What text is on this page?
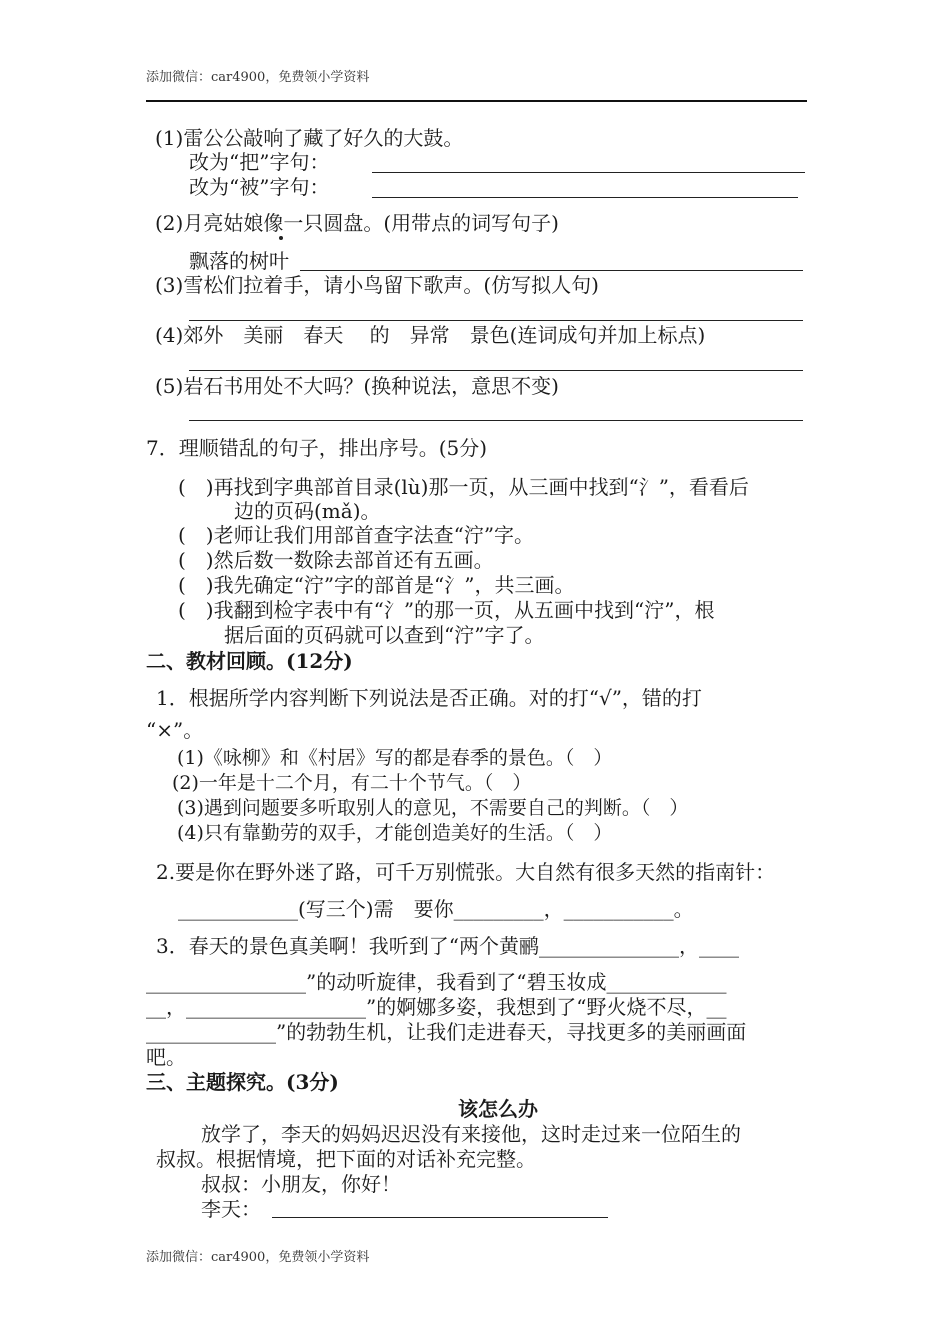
添加微信：car4900，免费领小学资料
添加微信：car4900，免费领小学资料
(1)雷公公敲响了藏了好久的大鼓。
改为“把”字句：
改为“被”字句：
(2)月亮姑娘像一只圆盘。(用带点的词写句子)
飘落的树叶
(3)雪松们拉着手，请小鸟留下歌声。(仿写拟人句)
(4)郊外　美丽　春天　 的　异常　景色(连词成句并加上标点)
(5)岩石书用处不大吗？(换种说法，意思不变)
7．理顺错乱的句子，排出序号。(5分)
(　)再找到字典部首目录(lù)那一页，从三画中找到“氵”，看看后
边的页码(mǎ)。
(　)老师让我们用部首查字法查“泞”字。
(　)然后数一数除去部首还有五画。
(　)我先确定“泞”字的部首是“氵”，共三画。
(　)我翻到检字表中有“氵”的那一页，从五画中找到“泞”，根
据后面的页码就可以查到“泞”字了。
二、教材回顾。(12分)
1．根据所学内容判断下列说法是否正确。对的打“√”，错的打
“×”。
(1)《咏柳》和《村居》写的都是春季的景色。（　）
(2)一年是十二个月，有二十个节气。（　）
(3)遇到问题要多听取别人的意见，不需要自己的判断。（　）
(4)只有靠勤劳的双手，才能创造美好的生活。（　）
2.要是你在野外迷了路，可千万别慌张。大自然有很多天然的指南针：
____________(写三个)需　要你_________，___________。
3．春天的景色真美啊！我听到了“两个黄鹂______________，____
________________”的动听旋律，我看到了“碧玉妆成____________
__，__________________”的婀娜多姿，我想到了“野火烧不尽，__
_____________”的勃勃生机，让我们走进春天，寻找更多的美丽画面
吧。
三、主题探究。(3分)
该怎么办
放学了，李天的妈妈迟迟没有来接他，这时走过来一位陌生的
叔叔。根据情境，把下面的对话补充完整。
叔叔：小朋友，你好！
李天：
